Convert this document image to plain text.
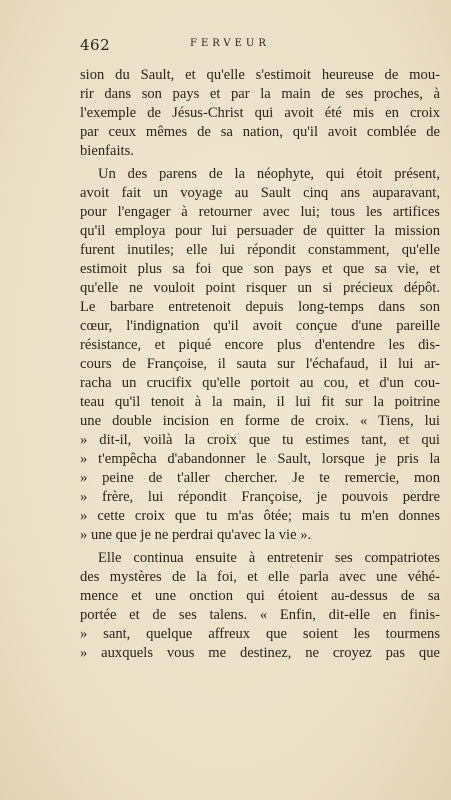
462	FERVEUR
sion du Sault, et qu'elle s'estimoit heureuse de mou-
rir dans son pays et par la main de ses proches, à
l'exemple de Jésus-Christ qui avoit été mis en croix
par ceux mêmes de sa nation, qu'il avoit comblée de
bienfaits.
Un des parens de la néophyte, qui étoit présent,
avoit fait un voyage au Sault cinq ans auparavant,
pour l'engager à retourner avec lui; tous les artifices
qu'il employa pour lui persuader de quitter la mission
furent inutiles; elle lui répondit constamment, qu'elle
estimoit plus sa foi que son pays et que sa vie, et
qu'elle ne vouloit point risquer un si précieux dépôt.
Le barbare entretenoit depuis long-temps dans son
cœur, l'indignation qu'il avoit conçue d'une pareille
résistance, et piqué encore plus d'entendre les dis-
cours de Françoise, il sauta sur l'échafaud, il lui ar-
racha un crucifix qu'elle portoit au cou, et d'un cou-
teau qu'il tenoit à la main, il lui fit sur la poitrine
une double incision en forme de croix. « Tiens, lui
» dit-il, voilà la croix que tu estimes tant, et qui
» t'empêcha d'abandonner le Sault, lorsque je pris la
» peine de t'aller chercher. Je te remercie, mon
» frère, lui répondit Françoise, je pouvois perdre
» cette croix que tu m'as ôtée; mais tu m'en donnes
» une que je ne perdrai qu'avec la vie ».
Elle continua ensuite à entretenir ses compatriotes
des mystères de la foi, et elle parla avec une véhé-
mence et une onction qui étoient au-dessus de sa
portée et de ses talens. « Enfin, dit-elle en finis-
» sant, quelque affreux que soient les tourmens
» auxquels vous me destinez, ne croyez pas que
